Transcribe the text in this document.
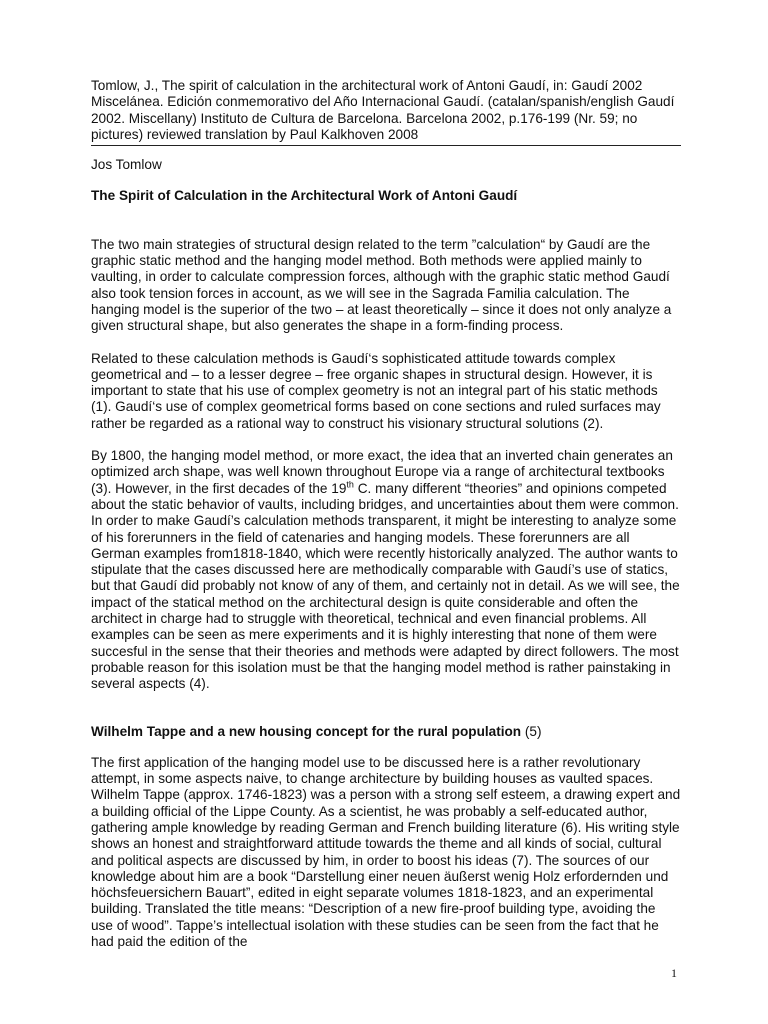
Tomlow, J., The spirit of calculation in the architectural work of Antoni Gaudí, in: Gaudí 2002 Miscelánea. Edición conmemorativo del Año Internacional Gaudí. (catalan/spanish/english Gaudí 2002. Miscellany) Instituto de Cultura de Barcelona. Barcelona 2002, p.176-199 (Nr. 59; no pictures) reviewed translation by Paul Kalkhoven 2008

Jos Tomlow

The Spirit of Calculation in the Architectural Work of Antoni Gaudí

The two main strategies of structural design related to the term ”calculation“ by Gaudí are the graphic static method and the hanging model method. Both methods were applied mainly to vaulting, in order to calculate compression forces, although with the graphic static method Gaudí also took tension forces in account, as we will see in the Sagrada Familia calculation. The hanging model is the superior of the two – at least theoretically – since it does not only analyze a given structural shape, but also generates the shape in a form-finding process.

Related to these calculation methods is Gaudí‘s sophisticated attitude towards complex geometrical and – to a lesser degree – free organic shapes in structural design. However, it is important to state that his use of complex geometry is not an integral part of his static methods (1). Gaudí‘s use of complex geometrical forms based on cone sections and ruled surfaces may rather be regarded as a rational way to construct his visionary structural solutions (2).

By 1800, the hanging model method, or more exact, the idea that an inverted chain generates an optimized arch shape, was well known throughout Europe via a range of architectural textbooks (3). However, in the first decades of the 19th C. many different “theories” and opinions competed about the static behavior of vaults, including bridges, and uncertainties about them were common. In order to make Gaudí’s calculation methods transparent, it might be interesting to analyze some of his forerunners in the field of catenaries and hanging models. These forerunners are all German examples from1818-1840, which were recently historically analyzed. The author wants to stipulate that the cases discussed here are methodically comparable with Gaudí’s use of statics, but that Gaudí did probably not know of any of them, and certainly not in detail. As we will see, the impact of the statical method on the architectural design is quite considerable and often the architect in charge had to struggle with theoretical, technical and even financial problems. All examples can be seen as mere experiments and it is highly interesting that none of them were succesful in the sense that their theories and methods were adapted by direct followers. The most probable reason for this isolation must be that the hanging model method is rather painstaking in several aspects (4).

Wilhelm Tappe and a new housing concept for the rural population (5)

The first application of the hanging model use to be discussed here is a rather revolutionary attempt, in some aspects naive, to change architecture by building houses as vaulted spaces. Wilhelm Tappe (approx. 1746-1823) was a person with a strong self esteem, a drawing expert and a building official of the Lippe County. As a scientist, he was probably a self-educated author, gathering ample knowledge by reading German and French building literature (6). His writing style shows an honest and straightforward attitude towards the theme and all kinds of social, cultural and political aspects are discussed by him, in order to boost his ideas (7). The sources of our knowledge about him are a book “Darstellung einer neuen äußerst wenig Holz erfordernden und höchsfeuersichern Bauart”, edited in eight separate volumes 1818-1823, and an experimental building. Translated the title means: “Description of a new fire-proof building type, avoiding the use of wood”. Tappe’s intellectual isolation with these studies can be seen from the fact that he had paid the edition of the

1
